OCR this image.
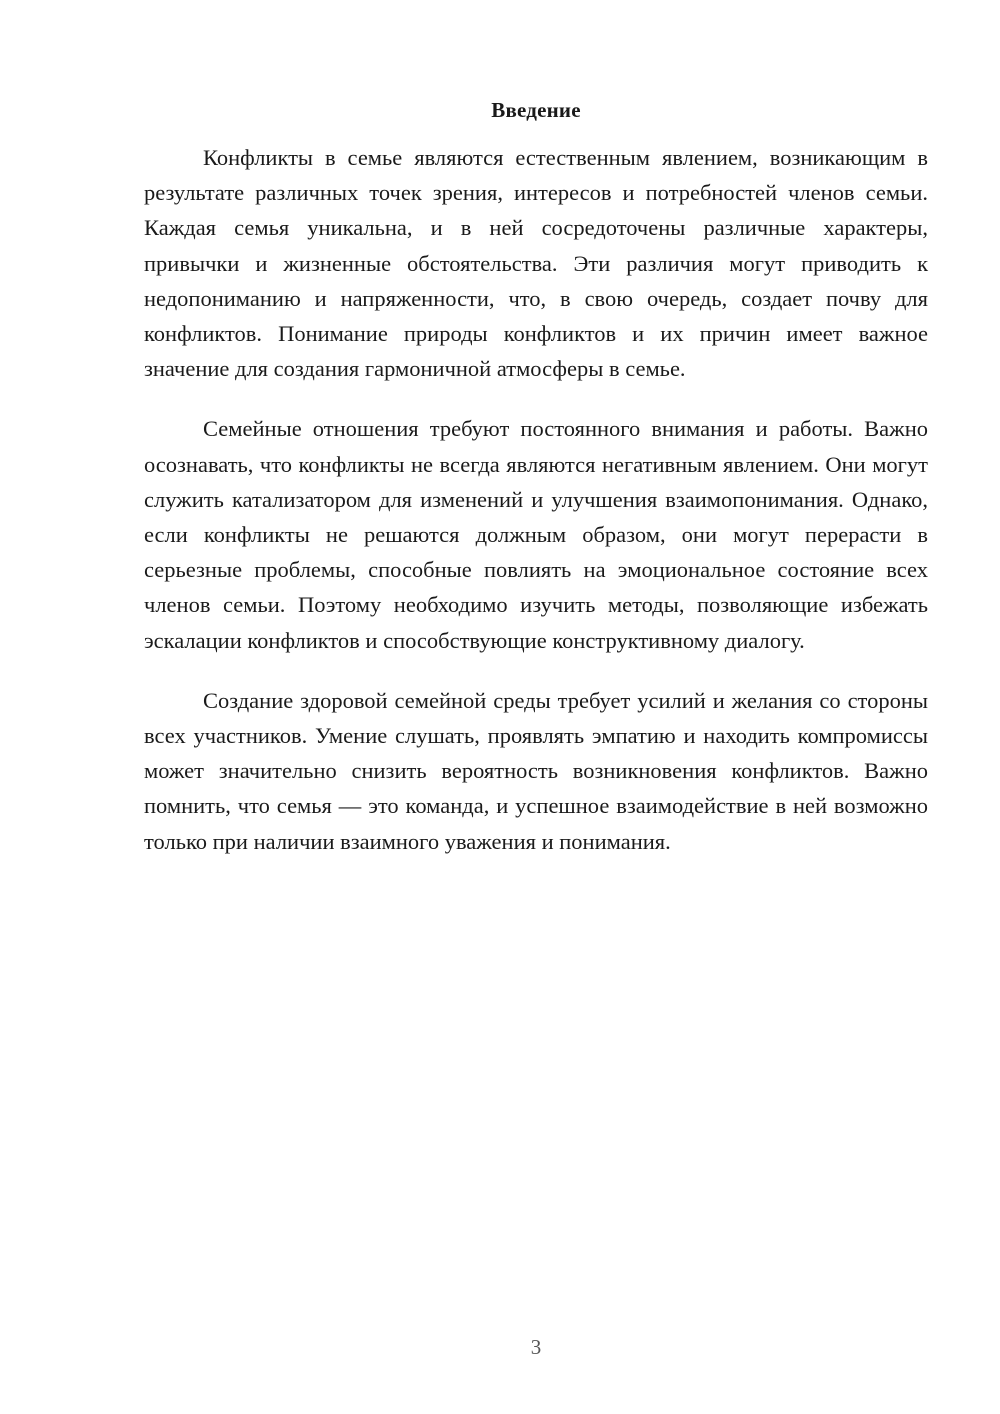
Введение

Конфликты в семье являются естественным явлением, возникающим в результате различных точек зрения, интересов и потребностей членов семьи. Каждая семья уникальна, и в ней сосредоточены различные характеры, привычки и жизненные обстоятельства. Эти различия могут приводить к недопониманию и напряженности, что, в свою очередь, создает почву для конфликтов. Понимание природы конфликтов и их причин имеет важное значение для создания гармоничной атмосферы в семье.

Семейные отношения требуют постоянного внимания и работы. Важно осознавать, что конфликты не всегда являются негативным явлением. Они могут служить катализатором для изменений и улучшения взаимопонимания. Однако, если конфликты не решаются должным образом, они могут перерасти в серьезные проблемы, способные повлиять на эмоциональное состояние всех членов семьи. Поэтому необходимо изучить методы, позволяющие избежать эскалации конфликтов и способствующие конструктивному диалогу.

Создание здоровой семейной среды требует усилий и желания со стороны всех участников. Умение слушать, проявлять эмпатию и находить компромиссы может значительно снизить вероятность возникновения конфликтов. Важно помнить, что семья — это команда, и успешное взаимодействие в ней возможно только при наличии взаимного уважения и понимания.

3
